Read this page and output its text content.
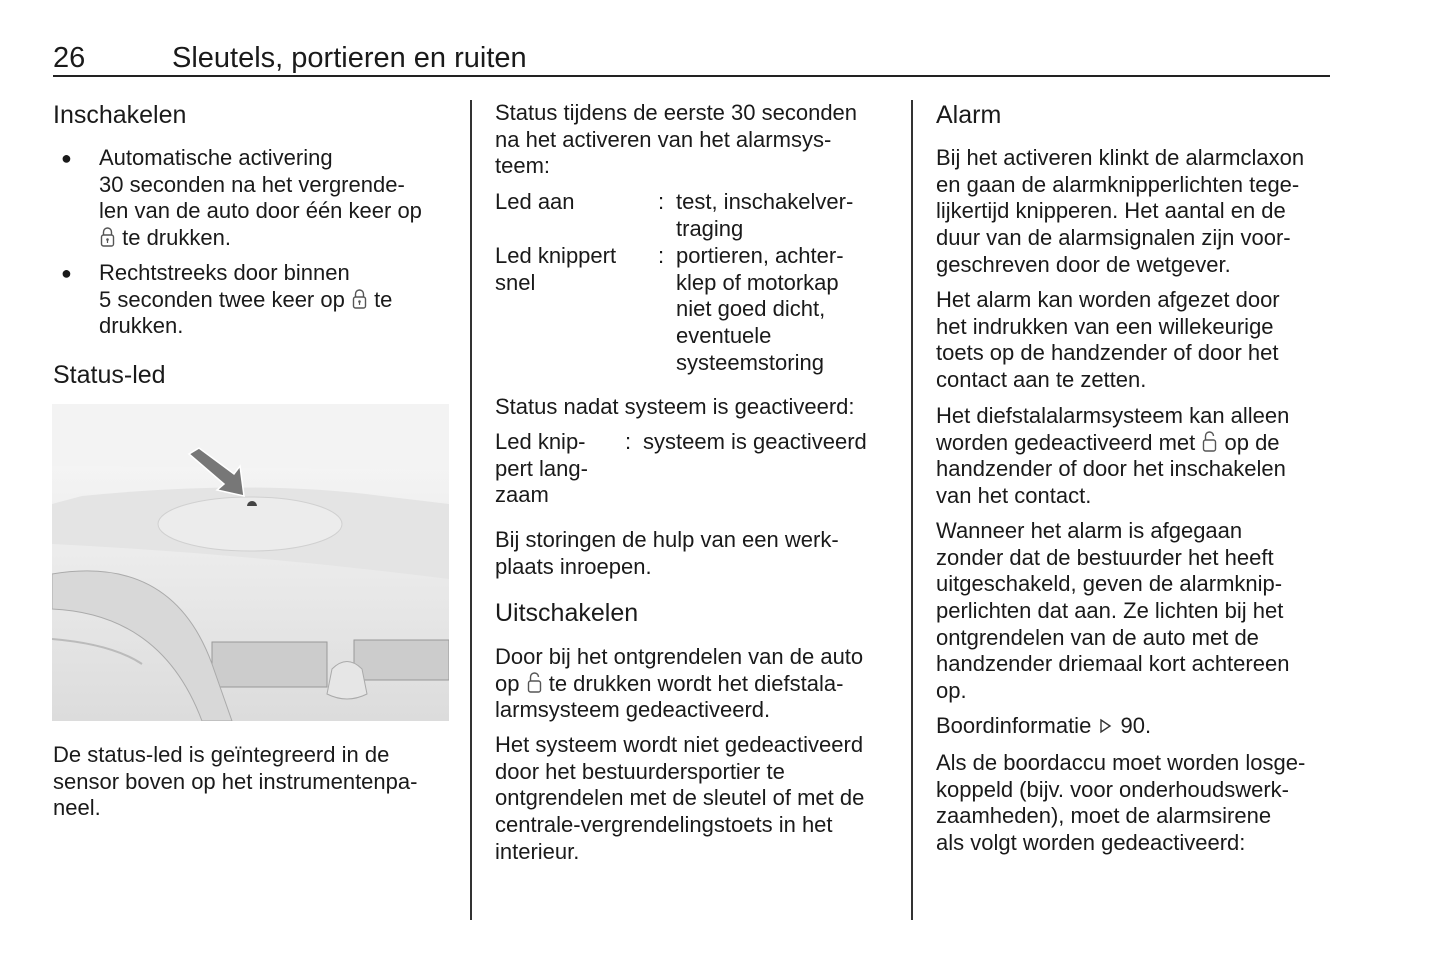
26	Sleutels, portieren en ruiten
Inschakelen
● Automatische activering
30 seconden na het vergrende-
len van de auto door één keer op
te drukken.
● Rechtstreeks door binnen
5 seconden twee keer op  te
drukken.
Status-led
De status-led is geïntegreerd in de
sensor boven op het instrumentenpa-
neel.
Status tijdens de eerste 30 seconden
na het activeren van het alarmsys-
teem:
Led aan	: test, inschakelver-
traging
Led knippert
snel
: portieren, achter-
klep of motorkap
niet goed dicht,
eventuele
systeemstoring
Status nadat systeem is geactiveerd:
Led knip-
pert lang-
zaam
: systeem is geactiveerd
Bij storingen de hulp van een werk-
plaats inroepen.
Uitschakelen
Door bij het ontgrendelen van de auto
op  te drukken wordt het diefstala-
larmsysteem gedeactiveerd.
Het systeem wordt niet gedeactiveerd
door het bestuurdersportier te
ontgrendelen met de sleutel of met de
centrale-vergrendelingstoets in het
interieur.
Alarm
Bij het activeren klinkt de alarmclaxon
en gaan de alarmknipperlichten tege-
lijkertijd knipperen. Het aantal en de
duur van de alarmsignalen zijn voor-
geschreven door de wetgever.
Het alarm kan worden afgezet door
het indrukken van een willekeurige
toets op de handzender of door het
contact aan te zetten.
Het diefstalalarmsysteem kan alleen
worden gedeactiveerd met  op de
handzender of door het inschakelen
van het contact.
Wanneer het alarm is afgegaan
zonder dat de bestuurder het heeft
uitgeschakeld, geven de alarmknip-
perlichten dat aan. Ze lichten bij het
ontgrendelen van de auto met de
handzender driemaal kort achtereen
op.
Boordinformatie  90.
Als de boordaccu moet worden losge-
koppeld (bijv. voor onderhoudswerk-
zaamheden), moet de alarmsirene
als volgt worden gedeactiveerd:
